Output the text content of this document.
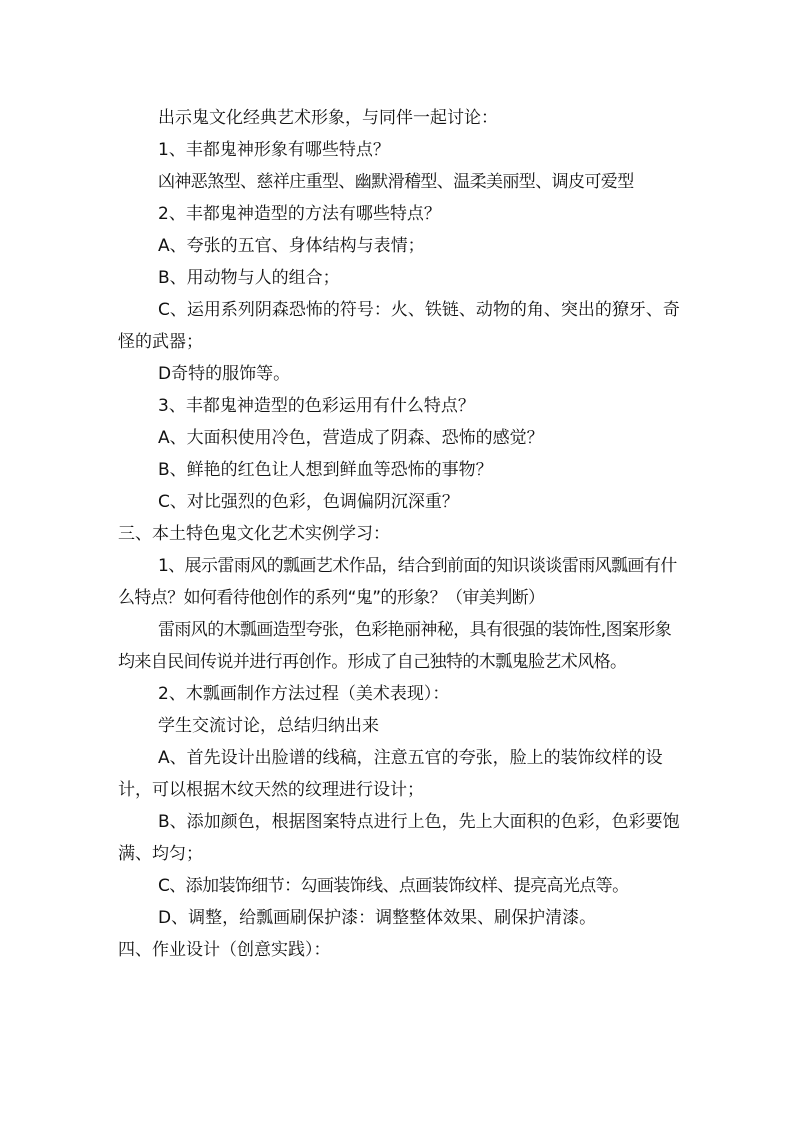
出示鬼文化经典艺术形象，与同伴一起讨论：

1、丰都鬼神形象有哪些特点？

凶神恶煞型、慈祥庄重型、幽默滑稽型、温柔美丽型、调皮可爱型

2、丰都鬼神造型的方法有哪些特点？

A、夸张的五官、身体结构与表情；

B、用动物与人的组合；

C、运用系列阴森恐怖的符号：火、铁链、动物的角、突出的獠牙、奇怪的武器；

D奇特的服饰等。

3、丰都鬼神造型的色彩运用有什么特点？

A、大面积使用冷色，营造成了阴森、恐怖的感觉？

B、鲜艳的红色让人想到鲜血等恐怖的事物？

C、对比强烈的色彩，色调偏阴沉深重？

三、本土特色鬼文化艺术实例学习：

1、展示雷雨风的瓢画艺术作品，结合到前面的知识谈谈雷雨风瓢画有什么特点？如何看待他创作的系列“鬼”的形象？（审美判断）

雷雨风的木瓢画造型夸张，色彩艳丽神秘，具有很强的装饰性,图案形象均来自民间传说并进行再创作。形成了自己独特的木瓢鬼脸艺术风格。

2、木瓢画制作方法过程（美术表现）：

学生交流讨论，总结归纳出来

A、首先设计出脸谱的线稿，注意五官的夸张，脸上的装饰纹样的设计，可以根据木纹天然的纹理进行设计；

B、添加颜色，根据图案特点进行上色，先上大面积的色彩，色彩要饱满、均匀；

C、添加装饰细节：勾画装饰线、点画装饰纹样、提亮高光点等。

D、调整，给瓢画刷保护漆：调整整体效果、刷保护清漆。

四、作业设计（创意实践）：
